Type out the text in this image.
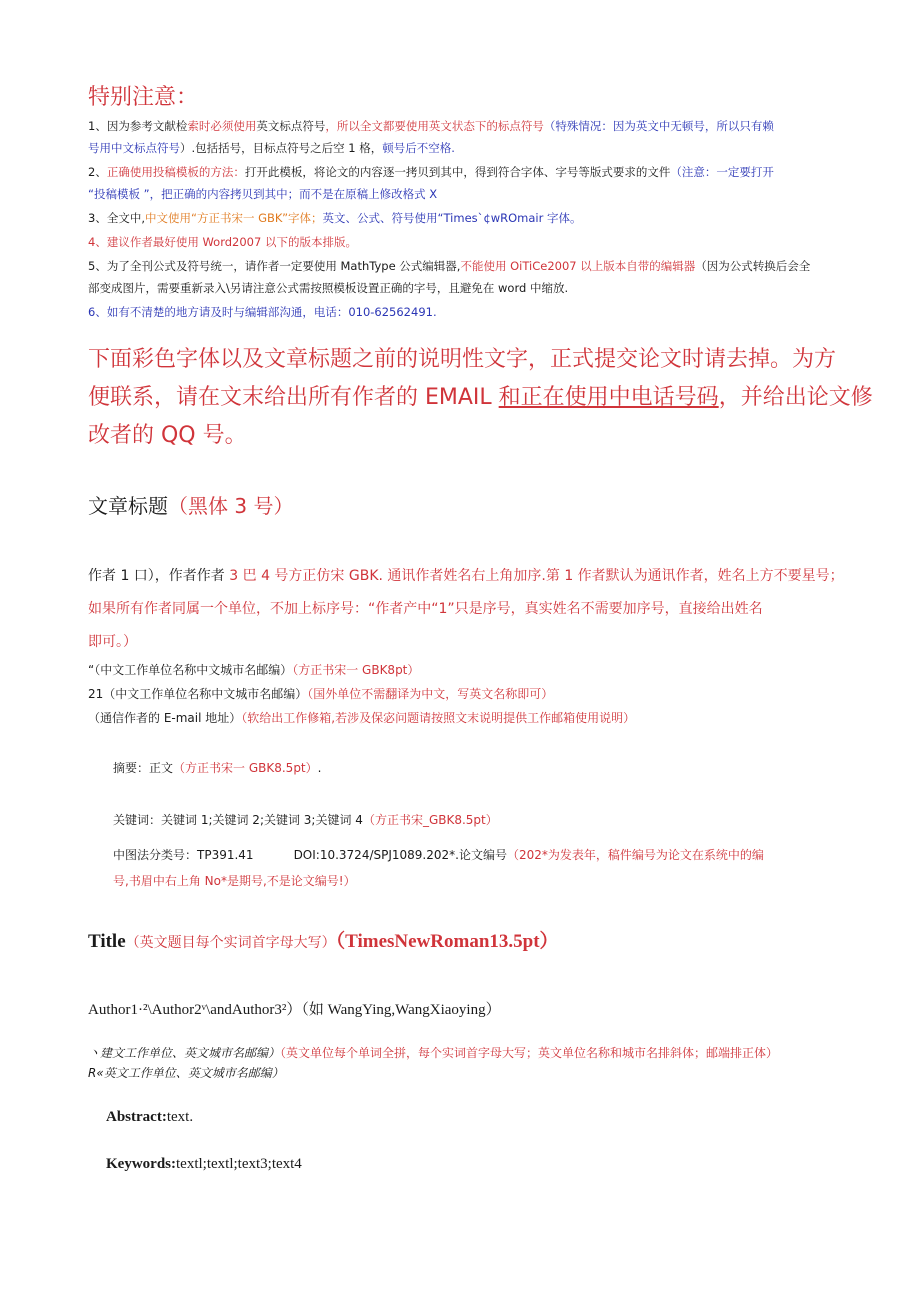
特别注意：
1、因为参考文献检索时必须使用英文标点符号，所以全文都要使用英文状态下的标点符号（特殊情况：因为英文中无顿号，所以只有赖
号用中文标点符号）.包括括号，目标点符号之后空 1 格，顿号后不空格.
2、正确使用投稿模板的方法：打开此模板，将论文的内容逐一拷贝到其中，得到符合字体、字号等版式要求的文件（注意：一定要打开
“投稿模板 ”，把正确的内容拷贝到其中；而不是在原稿上修改格式 X
3、全文中,中文使用“方正书宋一 GBK”字体；英文、公式、符号使用“Times`¢wROmair 字体。
4、建议作者最好使用 Word2007 以下的版本排版。
5、为了全刊公式及符号统一，请作者一定要使用 MathType 公式编辑器,不能使用 OiTiCe2007 以上版本自带的编辑器（因为公式转换后会全
部变成图片，需要重新录入\另请注意公式需按照模板设置正确的字号，且避免在 word 中缩放.
6、如有不清楚的地方请及时与编辑部沟通，电话：010-62562491.
下面彩色字体以及文章标题之前的说明性文字，正式提交论文时请去掉。为方
便联系，请在文末给出所有作者的 EMAIL 和正在使用中电话号码，并给出论文修
改者的 QQ 号。
文章标题（黑体 3 号）
作者 1 口），作者作者 3 巴 4 号方正仿宋 GBK. 通讯作者姓名右上角加序.第 1 作者默认为通讯作者，姓名上方不要星号；
如果所有作者同属一个单位，不加上标序号：“作者产中“1”只是序号，真实姓名不需要加序号，直接给出姓名
即可。）
“（中文工作单位名称中文城市名邮编）（方正书宋一 GBK8pt）
21（中文工作单位名称中文城市名邮编）（国外单位不需翻译为中文，写英文名称即可）
（通信作者的 E-mail 地址）（软给出工作修箱,若涉及保宓问题请按照文末说明提供工作邮箱使用说明）
摘要：正文（方正书宋一 GBK8.5pt）.
关键词：关键词 1;关键词 2;关键词 3;关键词 4（方正书宋_GBK8.5pt）
中图法分类号：TP391.41	DOI:10.3724/SPJ1089.202*.论文编号（202*为发表年，稿件编号为论文在系统中的编
号,书眉中右上角 No*是期号,不是论文编号!）
Title（英文题目每个实词首字母大写）（TimesNewRoman13.5pt）
Author1·²\Author2ᵛ\andAuthor3²）（如 WangYing,WangXiaoying）
丶建文工作单位、英文城市名邮编）（英文单位每个单词全拼，每个实词首字母大写；英文单位名称和城市名排斜体；邮端排正体）
R«英文工作单位、英文城市名邮编）
Abstract:text.
Keywords:textl;textl;text3;text4
